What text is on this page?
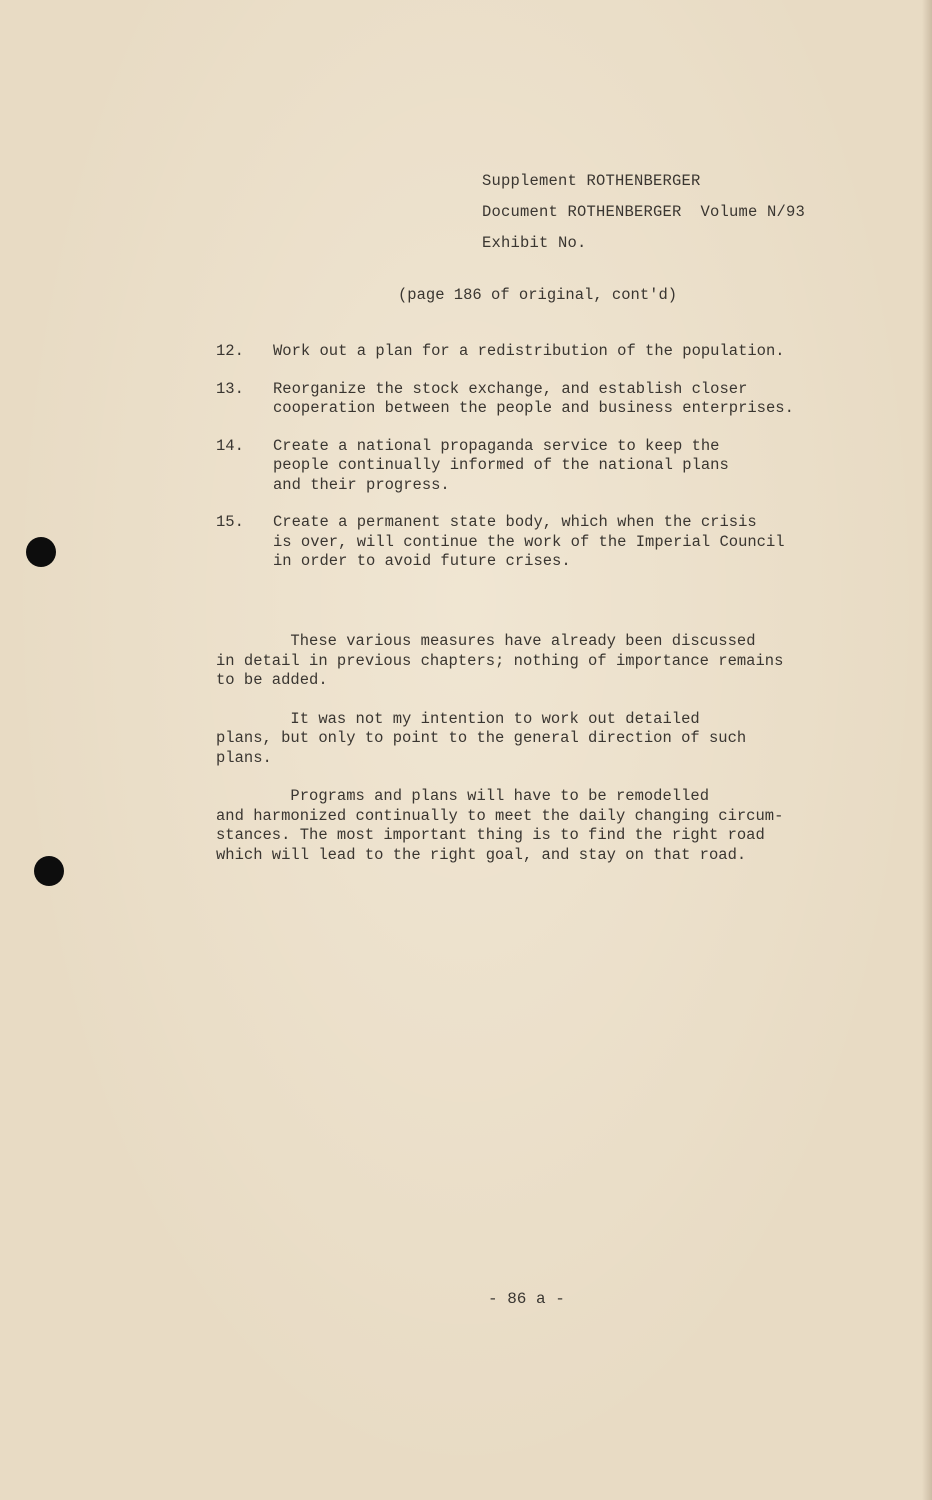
Supplement ROTHENBERGER
Document ROTHENBERGER  Volume N/93
Exhibit No.
(page 186 of original, cont'd)
12.	Work out a plan for a redistribution of the population.
13.	Reorganize the stock exchange, and establish closer
cooperation between the people and business enterprises.
14.	Create a national propaganda service to keep the
people continually informed of the national plans
and their progress.
15.	Create a permanent state body, which when the crisis
is over, will continue the work of the Imperial Council
in order to avoid future crises.
These various measures have already been discussed
in detail in previous chapters; nothing of importance remains
to be added.
It was not my intention to work out detailed
plans, but only to point to the general direction of such
plans.
Programs and plans will have to be remodelled
and harmonized continually to meet the daily changing circum-
stances. The most important thing is to find the right road
which will lead to the right goal, and stay on that road.
- 86 a -
